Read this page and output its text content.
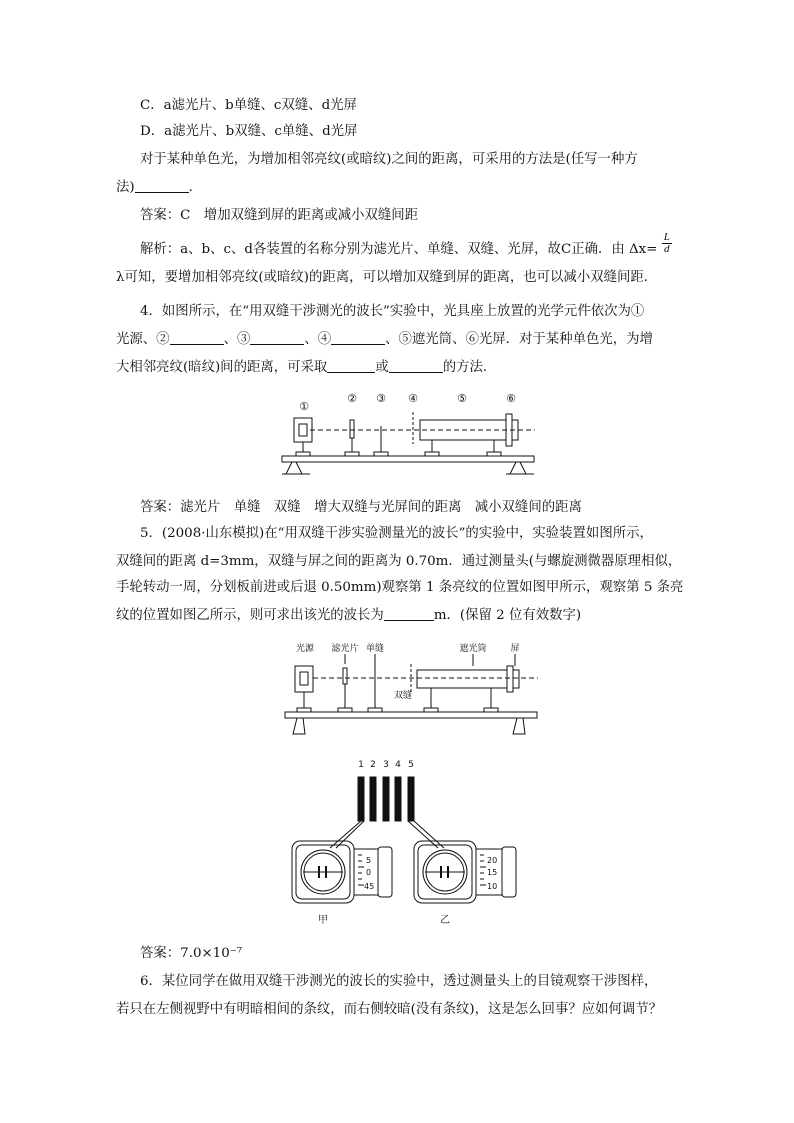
C．a滤光片、b单缝、c双缝、d光屏
D．a滤光片、b双缝、c单缝、d光屏
对于某种单色光，为增加相邻亮纹(或暗纹)之间的距离，可采用的方法是(任写一种方
法)	．
答案：C　增加双缝到屏的距离或减小双缝间距
解析：a、b、c、d各装置的名称分别为滤光片、单缝、双缝、光屏，故C正确．由 $\Delta x= \frac{L}{d}$
λ可知，要增加相邻亮纹(或暗纹)的距离，可以增加双缝到屏的距离，也可以减小双缝间距．
4．如图所示，在“用双缝干涉测光的波长”实验中，光具座上放置的光学元件依次为①
光源、②	、③	、④	、⑤遮光筒、⑥光屏．对于某种单色光，为增
大相邻亮纹(暗纹)间的距离，可采取	或	的方法．
①
② ③ ④	⑤	⑥
答案：滤光片　单缝　双缝　增大双缝与光屏间的距离　减小双缝间的距离
5．(2008·山东模拟)在“用双缝干涉实验测量光的波长”的实验中，实验装置如图所示，
双缝间的距离 d=3mm，双缝与屏之间的距离为 0.70m．通过测量头(与螺旋测微器原理相似，
手轮转动一周，分划板前进或后退 0.50mm)观察第 1 条亮纹的位置如图甲所示，观察第 5 条亮
纹的位置如图乙所示，则可求出该光的波长为	m．(保留 2 位有效数字)
光源 滤光片 单缝	遮光筒	屏
双缝
1 2 3 4 5
5
0
45
20
15
10
甲	乙
答案：7.0×10⁻⁷
6．某位同学在做用双缝干涉测光的波长的实验中，透过测量头上的目镜观察干涉图样，
若只在左侧视野中有明暗相间的条纹，而右侧较暗(没有条纹)，这是怎么回事？应如何调节？
